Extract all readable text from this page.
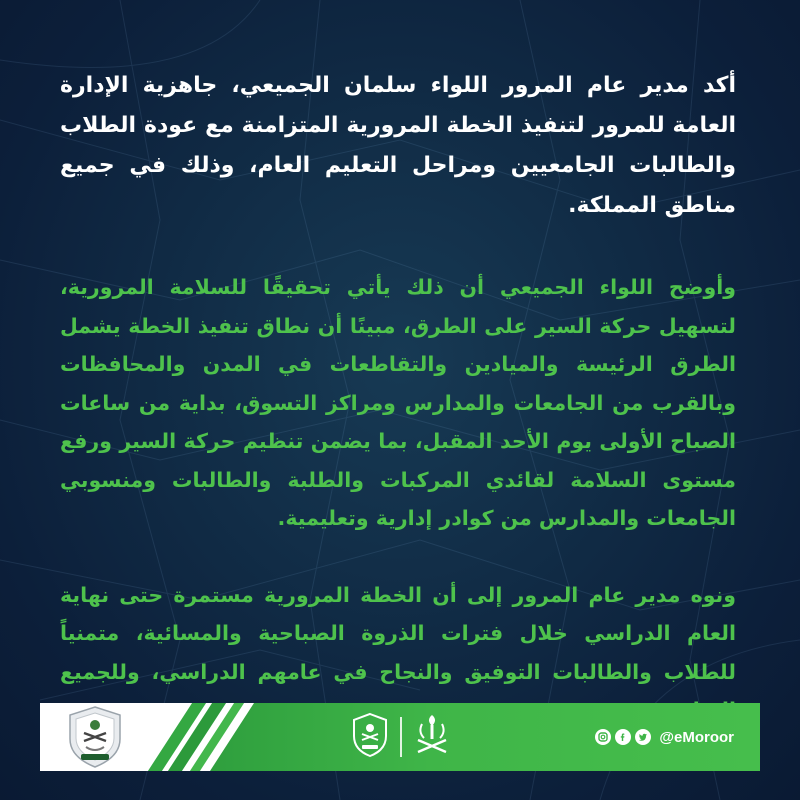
أكد مدير عام المرور اللواء سلمان الجميعي، جاهزية الإدارة العامة للمرور لتنفيذ الخطة المرورية المتزامنة مع عودة الطلاب والطالبات الجامعيين ومراحل التعليم العام، وذلك في جميع مناطق المملكة.

وأوضح اللواء الجميعي أن ذلك يأتي تحقيقًا للسلامة المرورية، لتسهيل حركة السير على الطرق، مبينًا أن نطاق تنفيذ الخطة يشمل الطرق الرئيسة والميادين والتقاطعات في المدن والمحافظات وبالقرب من الجامعات والمدارس ومراكز التسوق، بداية من ساعات الصباح الأولى يوم الأحد المقبل، بما يضمن تنظيم حركة السير ورفع مستوى السلامة لقائدي المركبات والطلبة والطالبات ومنسوبي الجامعات والمدارس من كوادر إدارية وتعليمية.

ونوه مدير عام المرور إلى أن الخطة المرورية مستمرة حتى نهاية العام الدراسي خلال فترات الذروة الصباحية والمسائية، متمنياً للطلاب والطالبات التوفيق والنجاح في عامهم الدراسي، وللجميع

@eMoroor
